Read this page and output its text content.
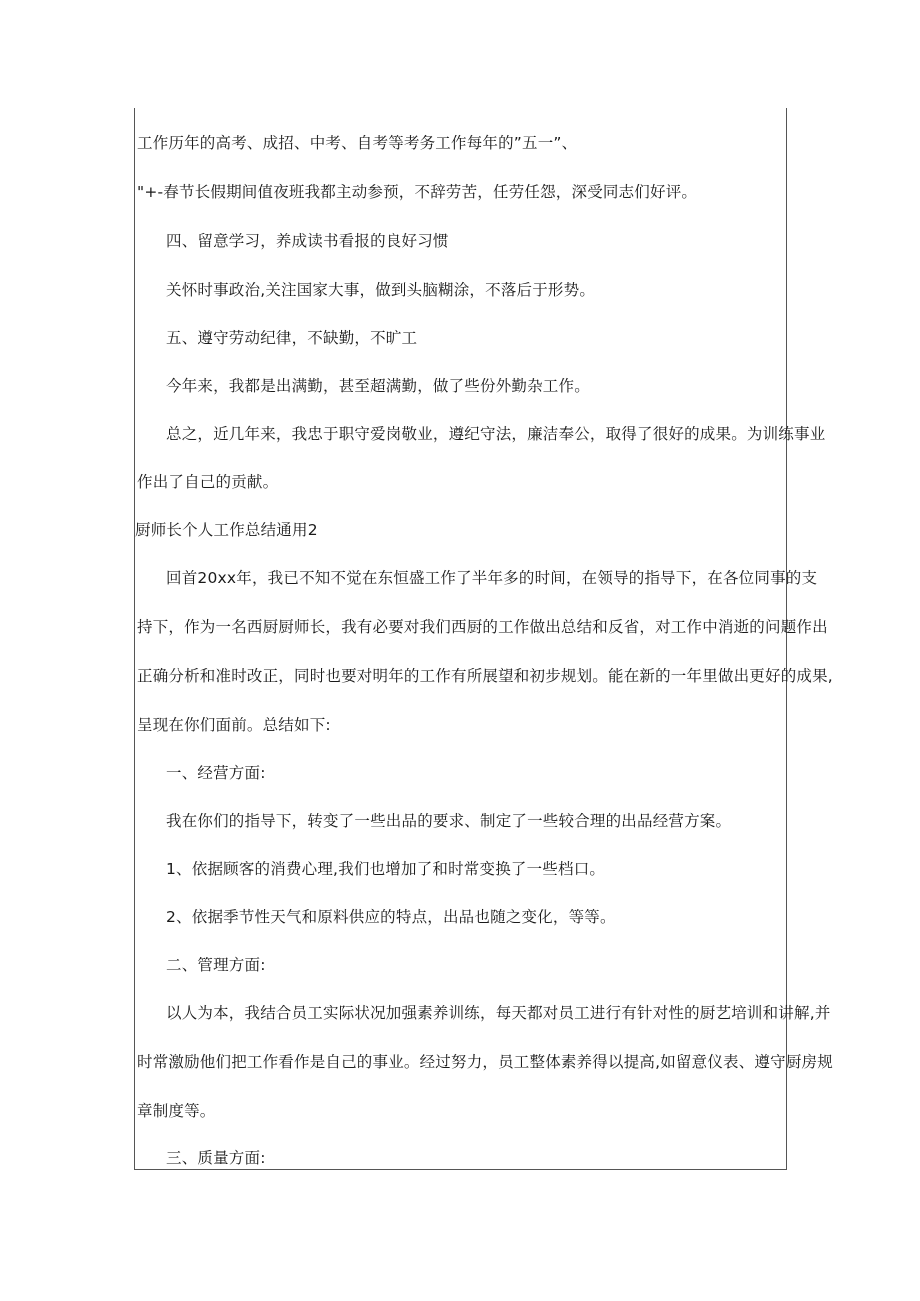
工作历年的高考、成招、中考、自考等考务工作每年的”五一”、
"+-春节长假期间值夜班我都主动参预，不辞劳苦，任劳任怨，深受同志们好评。
四、留意学习，养成读书看报的良好习惯
关怀时事政治,关注国家大事，做到头脑糊涂，不落后于形势。
五、遵守劳动纪律，不缺勤，不旷工
今年来，我都是出满勤，甚至超满勤，做了些份外勤杂工作。
总之，近几年来，我忠于职守爱岗敬业，遵纪守法，廉洁奉公，取得了很好的成果。为训练事业
作出了自己的贡献。
厨师长个人工作总结通用2
回首20xx年，我已不知不觉在东恒盛工作了半年多的时间，在领导的指导下，在各位同事的支
持下，作为一名西厨厨师长，我有必要对我们西厨的工作做出总结和反省，对工作中消逝的问题作出
正确分析和准时改正，同时也要对明年的工作有所展望和初步规划。能在新的一年里做出更好的成果,
呈现在你们面前。总结如下:
一、经营方面:
我在你们的指导下，转变了一些出品的要求、制定了一些较合理的出品经营方案。
1、依据顾客的消费心理,我们也增加了和时常变换了一些档口。
2、依据季节性天气和原料供应的特点，出品也随之变化，等等。
二、管理方面:
以人为本，我结合员工实际状况加强素养训练，每天都对员工进行有针对性的厨艺培训和讲解,并
时常激励他们把工作看作是自己的事业。经过努力，员工整体素养得以提高,如留意仪表、遵守厨房规
章制度等。
三、质量方面:
